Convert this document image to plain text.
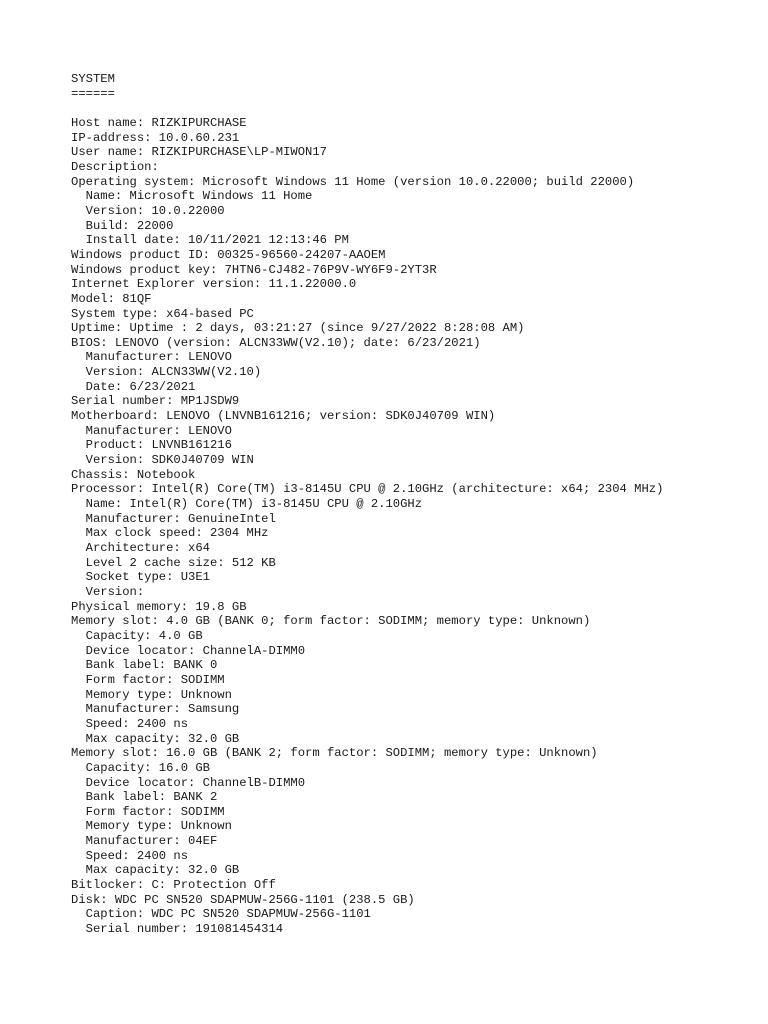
SYSTEM
======
Host name: RIZKIPURCHASE
IP-address: 10.0.60.231
User name: RIZKIPURCHASE\LP-MIWON17
Description:
Operating system: Microsoft Windows 11 Home (version 10.0.22000; build 22000)
Name: Microsoft Windows 11 Home
Version: 10.0.22000
Build: 22000
Install date: 10/11/2021 12:13:46 PM
Windows product ID: 00325-96560-24207-AAOEM
Windows product key: 7HTN6-CJ482-76P9V-WY6F9-2YT3R
Internet Explorer version: 11.1.22000.0
Model: 81QF
System type: x64-based PC
Uptime: Uptime : 2 days, 03:21:27 (since 9/27/2022 8:28:08 AM)
BIOS: LENOVO (version: ALCN33WW(V2.10); date: 6/23/2021)
Manufacturer: LENOVO
Version: ALCN33WW(V2.10)
Date: 6/23/2021
Serial number: MP1JSDW9
Motherboard: LENOVO (LNVNB161216; version: SDK0J40709 WIN)
Manufacturer: LENOVO
Product: LNVNB161216
Version: SDK0J40709 WIN
Chassis: Notebook
Processor: Intel(R) Core(TM) i3-8145U CPU @ 2.10GHz (architecture: x64; 2304 MHz)
Name: Intel(R) Core(TM) i3-8145U CPU @ 2.10GHz
Manufacturer: GenuineIntel
Max clock speed: 2304 MHz
Architecture: x64
Level 2 cache size: 512 KB
Socket type: U3E1
Version:
Physical memory: 19.8 GB
Memory slot: 4.0 GB (BANK 0; form factor: SODIMM; memory type: Unknown)
Capacity: 4.0 GB
Device locator: ChannelA-DIMM0
Bank label: BANK 0
Form factor: SODIMM
Memory type: Unknown
Manufacturer: Samsung
Speed: 2400 ns
Max capacity: 32.0 GB
Memory slot: 16.0 GB (BANK 2; form factor: SODIMM; memory type: Unknown)
Capacity: 16.0 GB
Device locator: ChannelB-DIMM0
Bank label: BANK 2
Form factor: SODIMM
Memory type: Unknown
Manufacturer: 04EF
Speed: 2400 ns
Max capacity: 32.0 GB
Bitlocker: C: Protection Off
Disk: WDC PC SN520 SDAPMUW-256G-1101 (238.5 GB)
Caption: WDC PC SN520 SDAPMUW-256G-1101
Serial number: 191081454314
